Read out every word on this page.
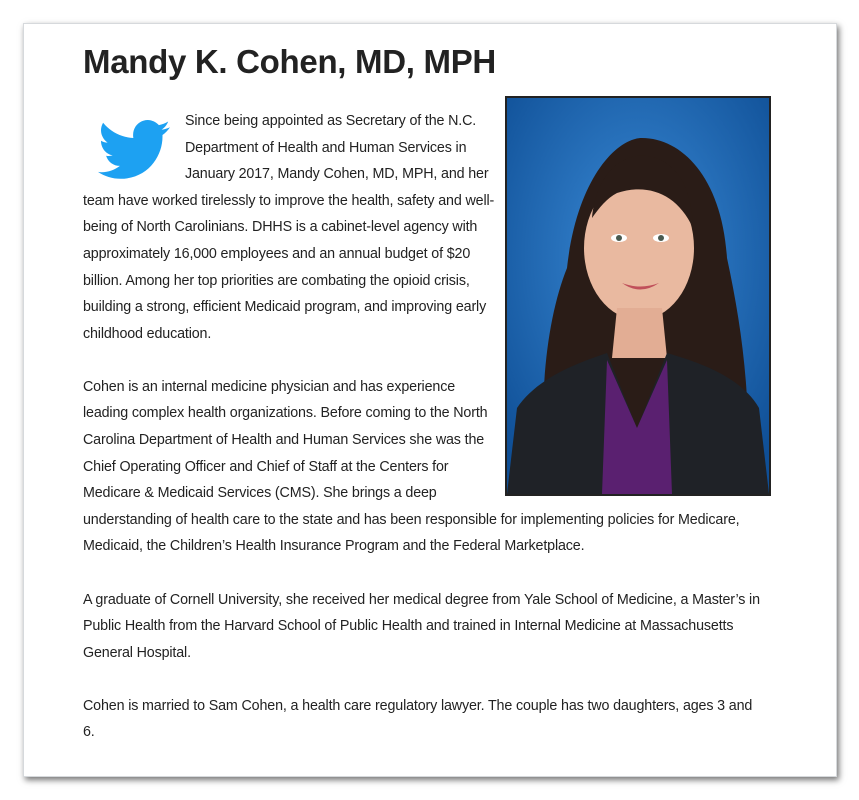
Mandy K. Cohen, MD, MPH

Since being appointed as Secretary of the N.C. Department of Health and Human Services in January 2017, Mandy Cohen, MD, MPH, and her team have worked tirelessly to improve the health, safety and well-being of North Carolinians. DHHS is a cabinet-level agency with approximately 16,000 employees and an annual budget of $20 billion. Among her top priorities are combating the opioid crisis, building a strong, efficient Medicaid program, and improving early childhood education.

Cohen is an internal medicine physician and has experience leading complex health organizations. Before coming to the North Carolina Department of Health and Human Services she was the Chief Operating Officer and Chief of Staff at the Centers for Medicare & Medicaid Services (CMS). She brings a deep understanding of health care to the state and has been responsible for implementing policies for Medicare, Medicaid, the Children’s Health Insurance Program and the Federal Marketplace.

A graduate of Cornell University, she received her medical degree from Yale School of Medicine, a Master’s in Public Health from the Harvard School of Public Health and trained in Internal Medicine at Massachusetts General Hospital.

Cohen is married to Sam Cohen, a health care regulatory lawyer. The couple has two daughters, ages 3 and 6.
